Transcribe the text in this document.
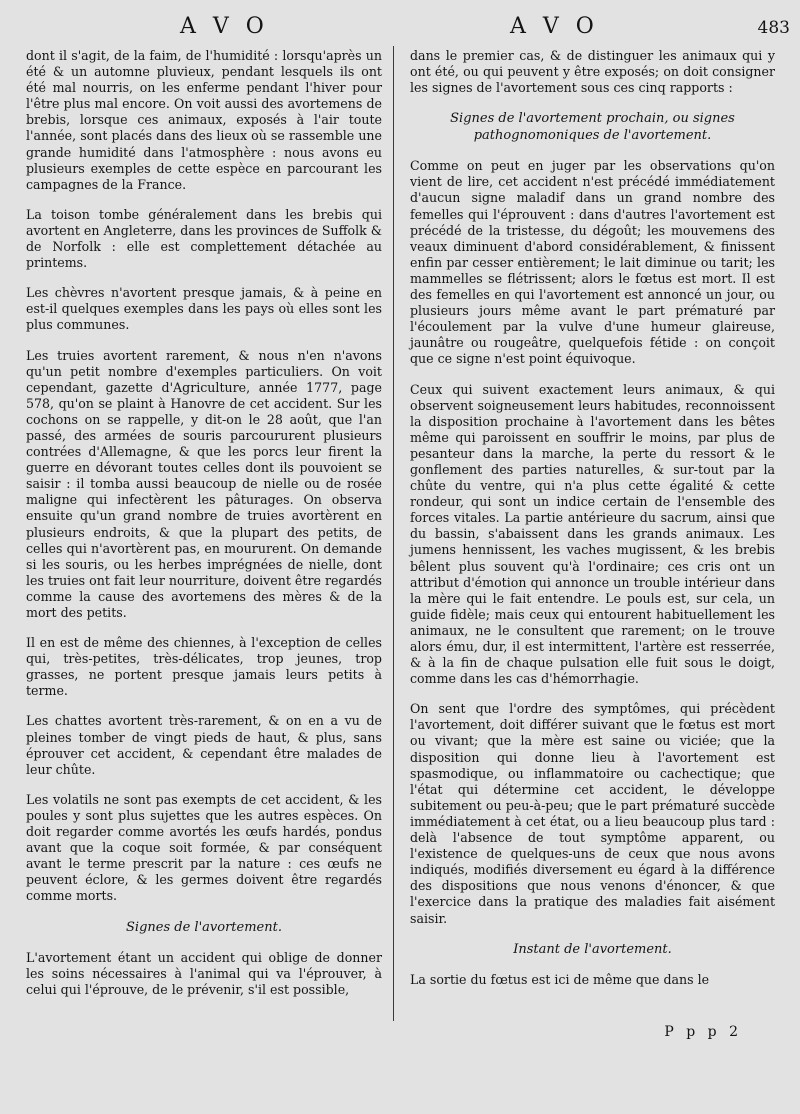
A V O	A V O	483

dont il s'agit, de la faim, de l'humidité : lorsqu'après un été & un automne pluvieux, pendant lesquels ils ont été mal nourris, on les enferme pendant l'hiver pour l'être plus mal encore. On voit aussi des avortemens de brebis, lorsque ces animaux, exposés à l'air toute l'année, sont placés dans des lieux où se rassemble une grande humidité dans l'atmosphère : nous avons eu plusieurs exemples de cette espèce en parcourant les campagnes de la France.

La toison tombe généralement dans les brebis qui avortent en Angleterre, dans les provinces de Suffolk & de Norfolk : elle est complettement détachée au printems.

Les chèvres n'avortent presque jamais, & à peine en est-il quelques exemples dans les pays où elles sont les plus communes.

Les truies avortent rarement, & nous n'en n'avons qu'un petit nombre d'exemples particuliers. On voit cependant, gazette d'Agriculture, année 1777, page 578, qu'on se plaint à Hanovre de cet accident. Sur les cochons on se rappelle, y dit-on le 28 août, que l'an passé, des armées de souris parcoururent plusieurs contrées d'Allemagne, & que les porcs leur firent la guerre en dévorant toutes celles dont ils pouvoient se saisir : il tomba aussi beaucoup de nielle ou de rosée maligne qui infectèrent les pâturages. On observa ensuite qu'un grand nombre de truies avortèrent en plusieurs endroits, & que la plupart des petits, de celles qui n'avortèrent pas, en moururent. On demande si les souris, ou les herbes imprégnées de nielle, dont les truies ont fait leur nourriture, doivent être regardés comme la cause des avortemens des mères & de la mort des petits.

Il en est de même des chiennes, à l'exception de celles qui, très-petites, très-délicates, trop jeunes, trop grasses, ne portent presque jamais leurs petits à terme.

Les chattes avortent très-rarement, & on en a vu de pleines tomber de vingt pieds de haut, & plus, sans éprouver cet accident, & cependant être malades de leur chûte.

Les volatils ne sont pas exempts de cet accident, & les poules y sont plus sujettes que les autres espèces. On doit regarder comme avortés les œufs hardés, pondus avant que la coque soit formée, & par conséquent avant le terme prescrit par la nature : ces œufs ne peuvent éclore, & les germes doivent être regardés comme morts.

Signes de l'avortement.

L'avortement étant un accident qui oblige de donner les soins nécessaires à l'animal qui va l'éprouver, à celui qui l'éprouve, de le prévenir, s'il est possible,

dans le premier cas, & de distinguer les animaux qui y ont été, ou qui peuvent y être exposés; on doit consigner les signes de l'avortement sous ces cinq rapports :

Signes de l'avortement prochain, ou signes pathognomoniques de l'avortement.

Comme on peut en juger par les observations qu'on vient de lire, cet accident n'est précédé immédiatement d'aucun signe maladif dans un grand nombre des femelles qui l'éprouvent : dans d'autres l'avortement est précédé de la tristesse, du dégoût; les mouvemens des veaux diminuent d'abord considérablement, & finissent enfin par cesser entièrement; le lait diminue ou tarit; les mammelles se flétrissent; alors le fœtus est mort. Il est des femelles en qui l'avortement est annoncé un jour, ou plusieurs jours même avant le part prématuré par l'écoulement par la vulve d'une humeur glaireuse, jaunâtre ou rougeâtre, quelquefois fétide : on conçoit que ce signe n'est point équivoque.

Ceux qui suivent exactement leurs animaux, & qui observent soigneusement leurs habitudes, reconnoissent la disposition prochaine à l'avortement dans les bêtes même qui paroissent en souffrir le moins, par plus de pesanteur dans la marche, la perte du ressort & le gonflement des parties naturelles, & sur-tout par la chûte du ventre, qui n'a plus cette égalité & cette rondeur, qui sont un indice certain de l'ensemble des forces vitales. La partie antérieure du sacrum, ainsi que du bassin, s'abaissent dans les grands animaux. Les jumens hennissent, les vaches mugissent, & les brebis bêlent plus souvent qu'à l'ordinaire; ces cris ont un attribut d'émotion qui annonce un trouble intérieur dans la mère qui le fait entendre. Le pouls est, sur cela, un guide fidèle; mais ceux qui entourent habituellement les animaux, ne le consultent que rarement; on le trouve alors ému, dur, il est intermittent, l'artère est resserrée, & à la fin de chaque pulsation elle fuit sous le doigt, comme dans les cas d'hémorrhagie.

On sent que l'ordre des symptômes, qui précèdent l'avortement, doit différer suivant que le fœtus est mort ou vivant; que la mère est saine ou viciée; que la disposition qui donne lieu à l'avortement est spasmodique, ou inflammatoire ou cachectique; que l'état qui détermine cet accident, le développe subitement ou peu-à-peu; que le part prématuré succède immédiatement à cet état, ou a lieu beaucoup plus tard : delà l'absence de tout symptôme apparent, ou l'existence de quelques-uns de ceux que nous avons indiqués, modifiés diversement eu égard à la différence des dispositions que nous venons d'énoncer, & que l'exercice dans la pratique des maladies fait aisément saisir.

Instant de l'avortement.

La sortie du fœtus est ici de même que dans le

P p p 2
